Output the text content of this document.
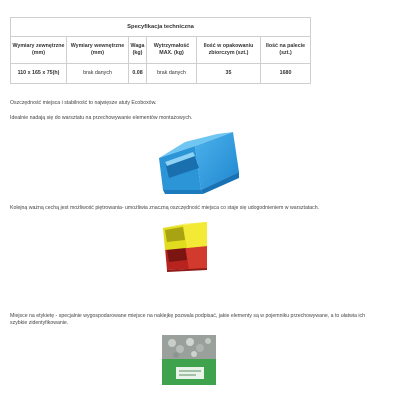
Specyfikacja techniczna					
Wymiary zewnętrzne (mm)	Wymiary wewnętrzne (mm)	Waga (kg)	Wytrzymałość MAX. (kg)	Ilość w opakowaniu zbiorczym (szt.)	Ilość na palecie (szt.)
110 x 165 x 75(h)	brak danych	0.08	brak danych	35	1680

Oszczędność miejsca i stabilność to najwięsze atuty Ecoboxów.

Idealnie nadają się do warsztatu na przechowywanie elementów montażowych.

Kolejną ważną cechą jest możliwość piętrowania- umożliwia znaczną oszczędność miejsca co staje się udogodnieniem w warsztatach.

Miejsce na etykietę - specjalnie wygospodarowane miejsce na naklejkę pozwala podpisać, jakie elementy są w pojemniku przechowywane, a to ułatwia ich szybkie zidentyfikowanie.
